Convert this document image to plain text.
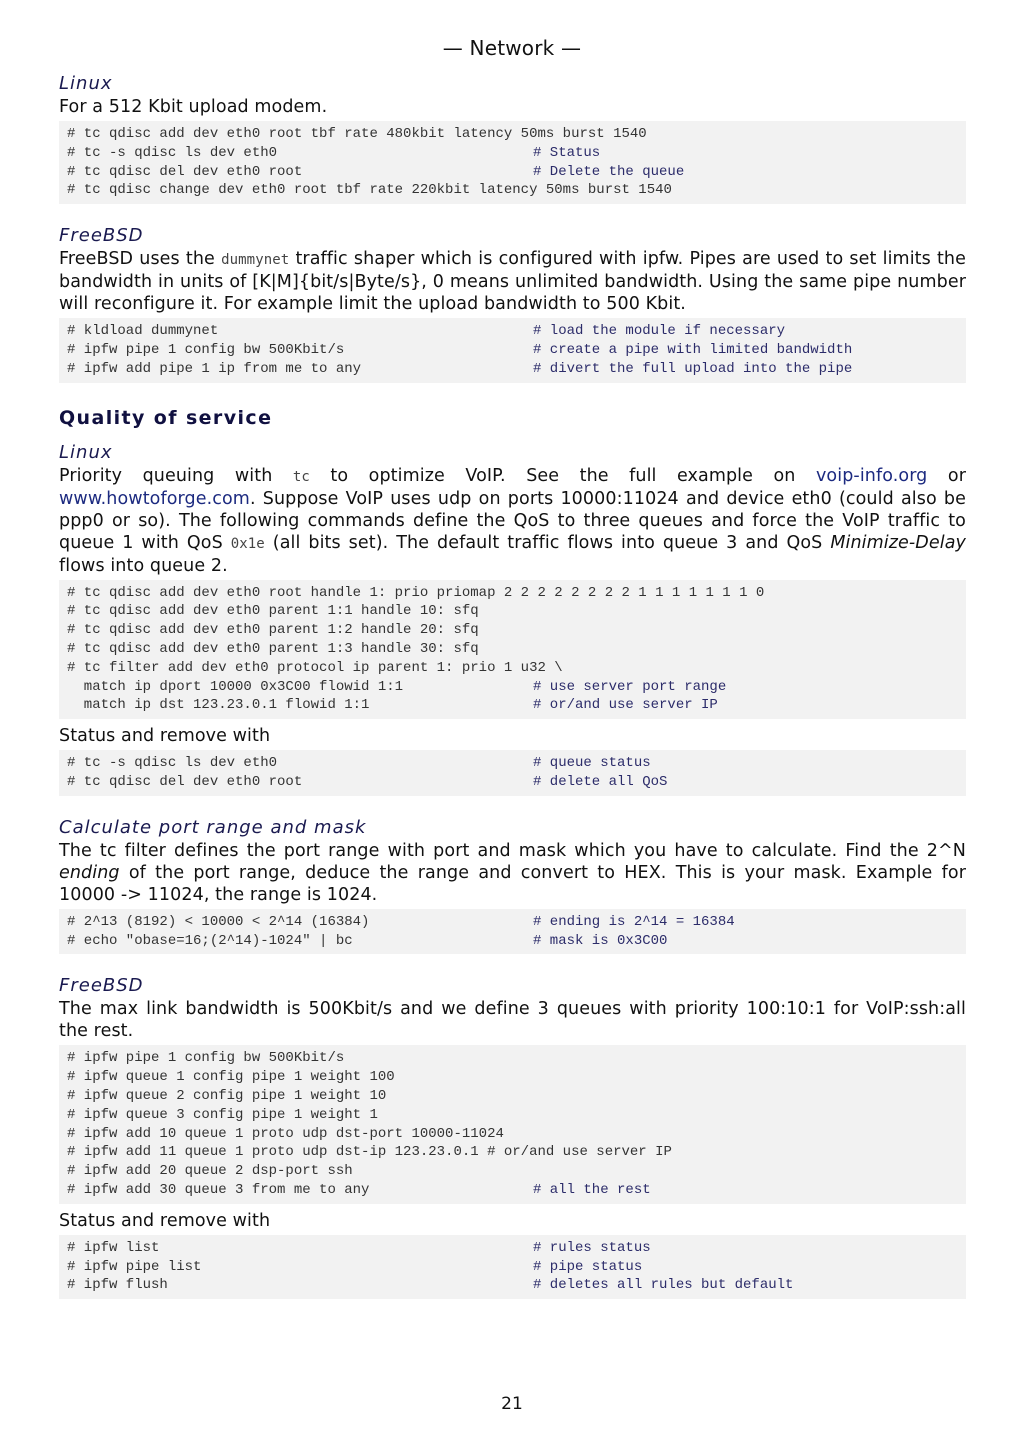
— Network —

Linux

For a 512 Kbit upload modem.

# tc qdisc add dev eth0 root tbf rate 480kbit latency 50ms burst 1540
# tc -s qdisc ls dev eth0	# Status
# tc qdisc del dev eth0 root	# Delete the queue
# tc qdisc change dev eth0 root tbf rate 220kbit latency 50ms burst 1540

FreeBSD

FreeBSD uses the dummynet traffic shaper which is configured with ipfw. Pipes are used to set limits the bandwidth in units of [K|M]{bit/s|Byte/s}, 0 means unlimited bandwidth. Using the same pipe number will reconfigure it. For example limit the upload bandwidth to 500 Kbit.

# kldload dummynet	# load the module if necessary
# ipfw pipe 1 config bw 500Kbit/s	# create a pipe with limited bandwidth
# ipfw add pipe 1 ip from me to any	# divert the full upload into the pipe
Quality of service

Linux

Priority queuing with tc to optimize VoIP. See the full example on voip-info.org or www.howtoforge.com. Suppose VoIP uses udp on ports 10000:11024 and device eth0 (could also be ppp0 or so). The following commands define the QoS to three queues and force the VoIP traffic to queue 1 with QoS 0x1e (all bits set). The default traffic flows into queue 3 and QoS Minimize-Delay flows into queue 2.

# tc qdisc add dev eth0 root handle 1: prio priomap 2 2 2 2 2 2 2 2 1 1 1 1 1 1 1 0
# tc qdisc add dev eth0 parent 1:1 handle 10: sfq
# tc qdisc add dev eth0 parent 1:2 handle 20: sfq
# tc qdisc add dev eth0 parent 1:3 handle 30: sfq
# tc filter add dev eth0 protocol ip parent 1: prio 1 u32 \
match ip dport 10000 0x3C00 flowid 1:1	# use server port range
match ip dst 123.23.0.1 flowid 1:1	# or/and use server IP

Status and remove with

# tc -s qdisc ls dev eth0	# queue status
# tc qdisc del dev eth0 root	# delete all QoS

Calculate port range and mask

The tc filter defines the port range with port and mask which you have to calculate. Find the 2^N ending of the port range, deduce the range and convert to HEX. This is your mask. Example for 10000 -> 11024, the range is 1024.

# 2^13 (8192) < 10000 < 2^14 (16384)	# ending is 2^14 = 16384
# echo "obase=16;(2^14)-1024" | bc	# mask is 0x3C00

FreeBSD

The max link bandwidth is 500Kbit/s and we define 3 queues with priority 100:10:1 for VoIP:ssh:all the rest.

# ipfw pipe 1 config bw 500Kbit/s
# ipfw queue 1 config pipe 1 weight 100
# ipfw queue 2 config pipe 1 weight 10
# ipfw queue 3 config pipe 1 weight 1
# ipfw add 10 queue 1 proto udp dst-port 10000-11024
# ipfw add 11 queue 1 proto udp dst-ip 123.23.0.1 # or/and use server IP
# ipfw add 20 queue 2 dsp-port ssh
# ipfw add 30 queue 3 from me to any	# all the rest

Status and remove with

# ipfw list	# rules status
# ipfw pipe list	# pipe status
# ipfw flush	# deletes all rules but default
21
